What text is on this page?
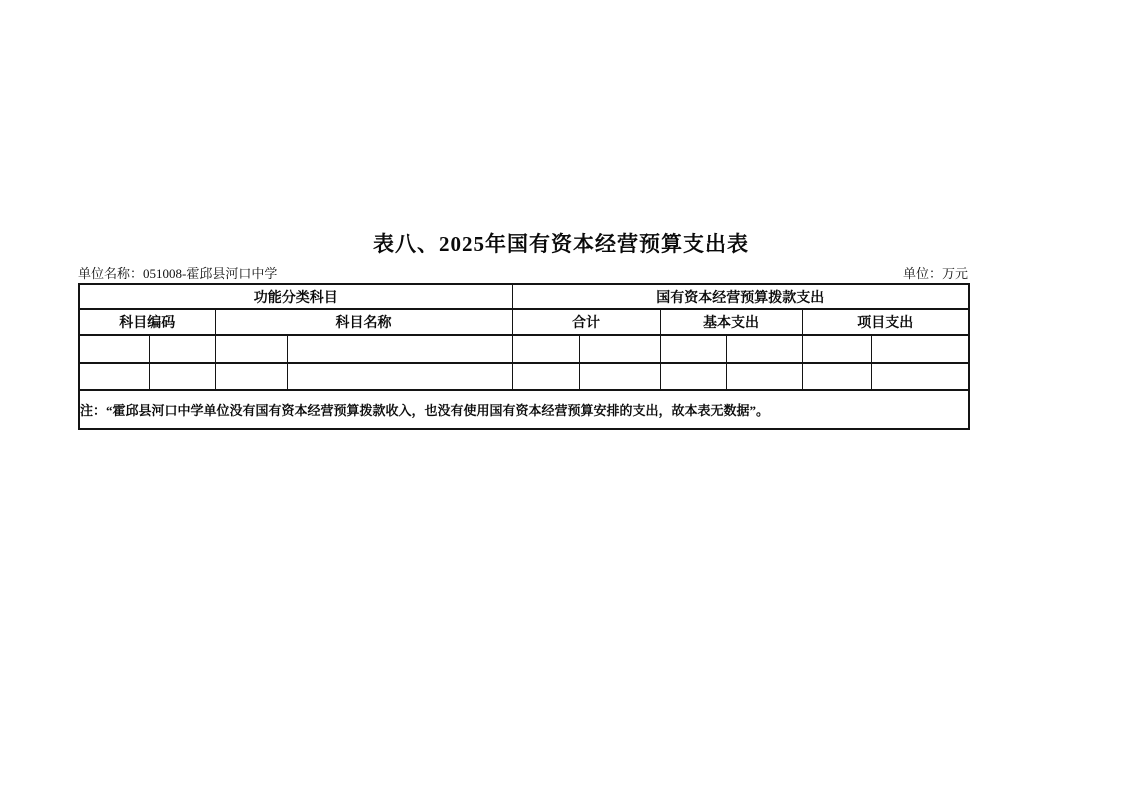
表八、2025年国有资本经营预算支出表
单位名称：051008-霍邱县河口中学	单位：万元
功能分类科目				国有资本经营预算拨款支出					
科目编码		科目名称		合计		基本支出		项目支出	

注：“霍邱县河口中学单位没有国有资本经营预算拨款收入，也没有使用国有资本经营预算安排的支出，故本表无数据”。									
